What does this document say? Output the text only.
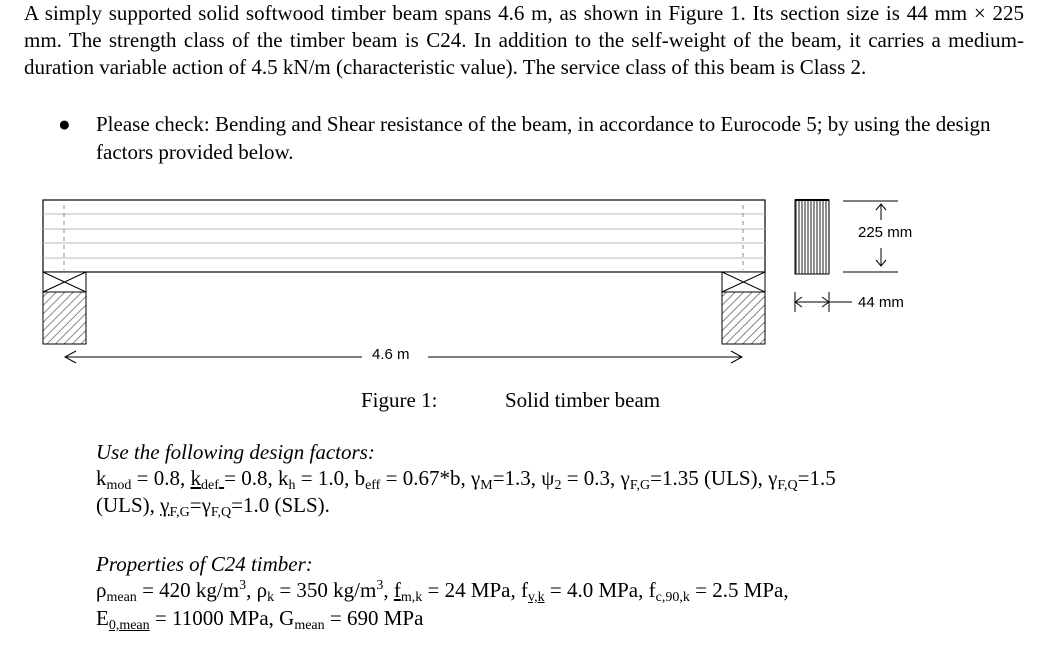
A simply supported solid softwood timber beam spans 4.6 m, as shown in Figure 1. Its section size is 44 mm × 225 mm. The strength class of the timber beam is C24. In addition to the self-weight of the beam, it carries a medium-duration variable action of 4.5 kN/m (characteristic value). The service class of this beam is Class 2.
● Please check: Bending and Shear resistance of the beam, in accordance to Eurocode 5; by using the design factors provided below.
4.6 m
225 mm
44 mm
Figure 1:	Solid timber beam
Use the following design factors:
$k_{mod} = 0.8$, $k_{def} = 0.8$, $k_h = 1.0$, $b_{eff} = 0.67*b$, $\gamma_M=1.3$, $\psi_2 = 0.3$, $\gamma_{F,G}=1.35$ (ULS), $\gamma_{F,Q}=1.5$
(ULS), $\gamma_{F,G}=\gamma_{F,Q}=1.0$ (SLS).
Properties of C24 timber:
$\rho_{mean} = 420$ $kg/m^3$, $\rho_k = 350$ $kg/m^3$, $f_{m,k} = 24$ MPa, $f_{v,k} = 4.0$ MPa, $f_{c,90,k} = 2.5$ MPa,
$E_{0,mean} = 11000$ MPa, $G_{mean} = 690$ MPa
